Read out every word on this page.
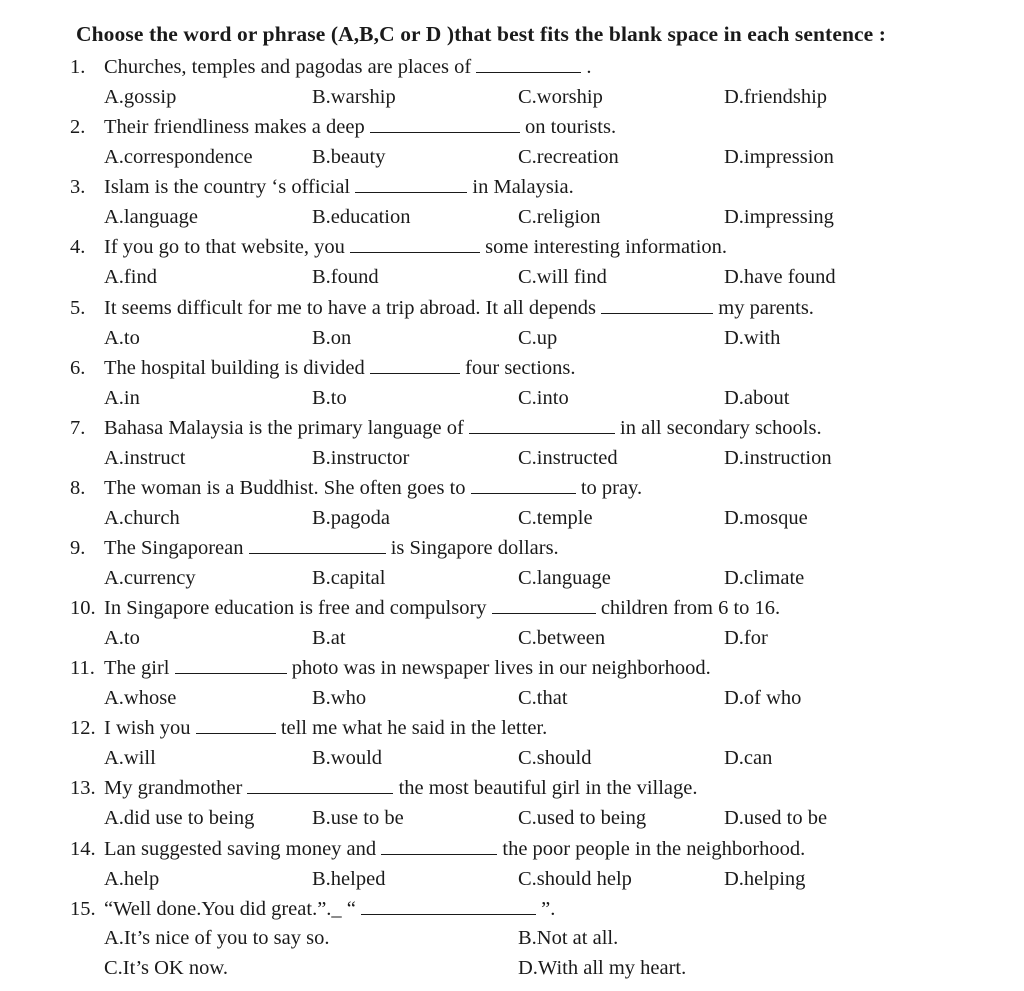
Choose the word or phrase (A,B,C or D )that best fits the blank space in each sentence :
1. Churches, temples and pagodas are places of	.
A.gossip	B.warship	C.worship	D.friendship
2. Their friendliness makes a deep	on tourists.
A.correspondence	B.beauty	C.recreation	D.impression
3. Islam is the country ‘s official	in Malaysia.
A.language	B.education	C.religion	D.impressing
4. If you go to that website, you	some interesting information.
A.find	B.found	C.will find	D.have found
5. It seems difficult for me to have a trip abroad. It all depends	my parents.
A.to	B.on	C.up	D.with
6. The hospital building is divided	four sections.
A.in	B.to	C.into	D.about
7. Bahasa Malaysia is the primary language of	in all secondary schools.
A.instruct	B.instructor	C.instructed	D.instruction
8. The woman is a Buddhist. She often goes to	to pray.
A.church	B.pagoda	C.temple	D.mosque
9. The Singaporean	is Singapore dollars.
A.currency	B.capital	C.language	D.climate
10. In Singapore education is free and compulsory	children from 6 to 16.
A.to	B.at	C.between	D.for
11. The girl	photo was in newspaper lives in our neighborhood.
A.whose	B.who	C.that	D.of who
12. I wish you	tell me what he said in the letter.
A.will	B.would	C.should	D.can
13. My grandmother	the most beautiful girl in the village.
A.did use to being	B.use to be	C.used to being	D.used to be
14. Lan suggested saving money and	the poor people in the neighborhood.
A.help	B.helped	C.should help	D.helping
15. “Well done.You did great.”._ “	”.
A.It’s nice of you to say so.	B.Not at all.
C.It’s OK now.	D.With all my heart.
